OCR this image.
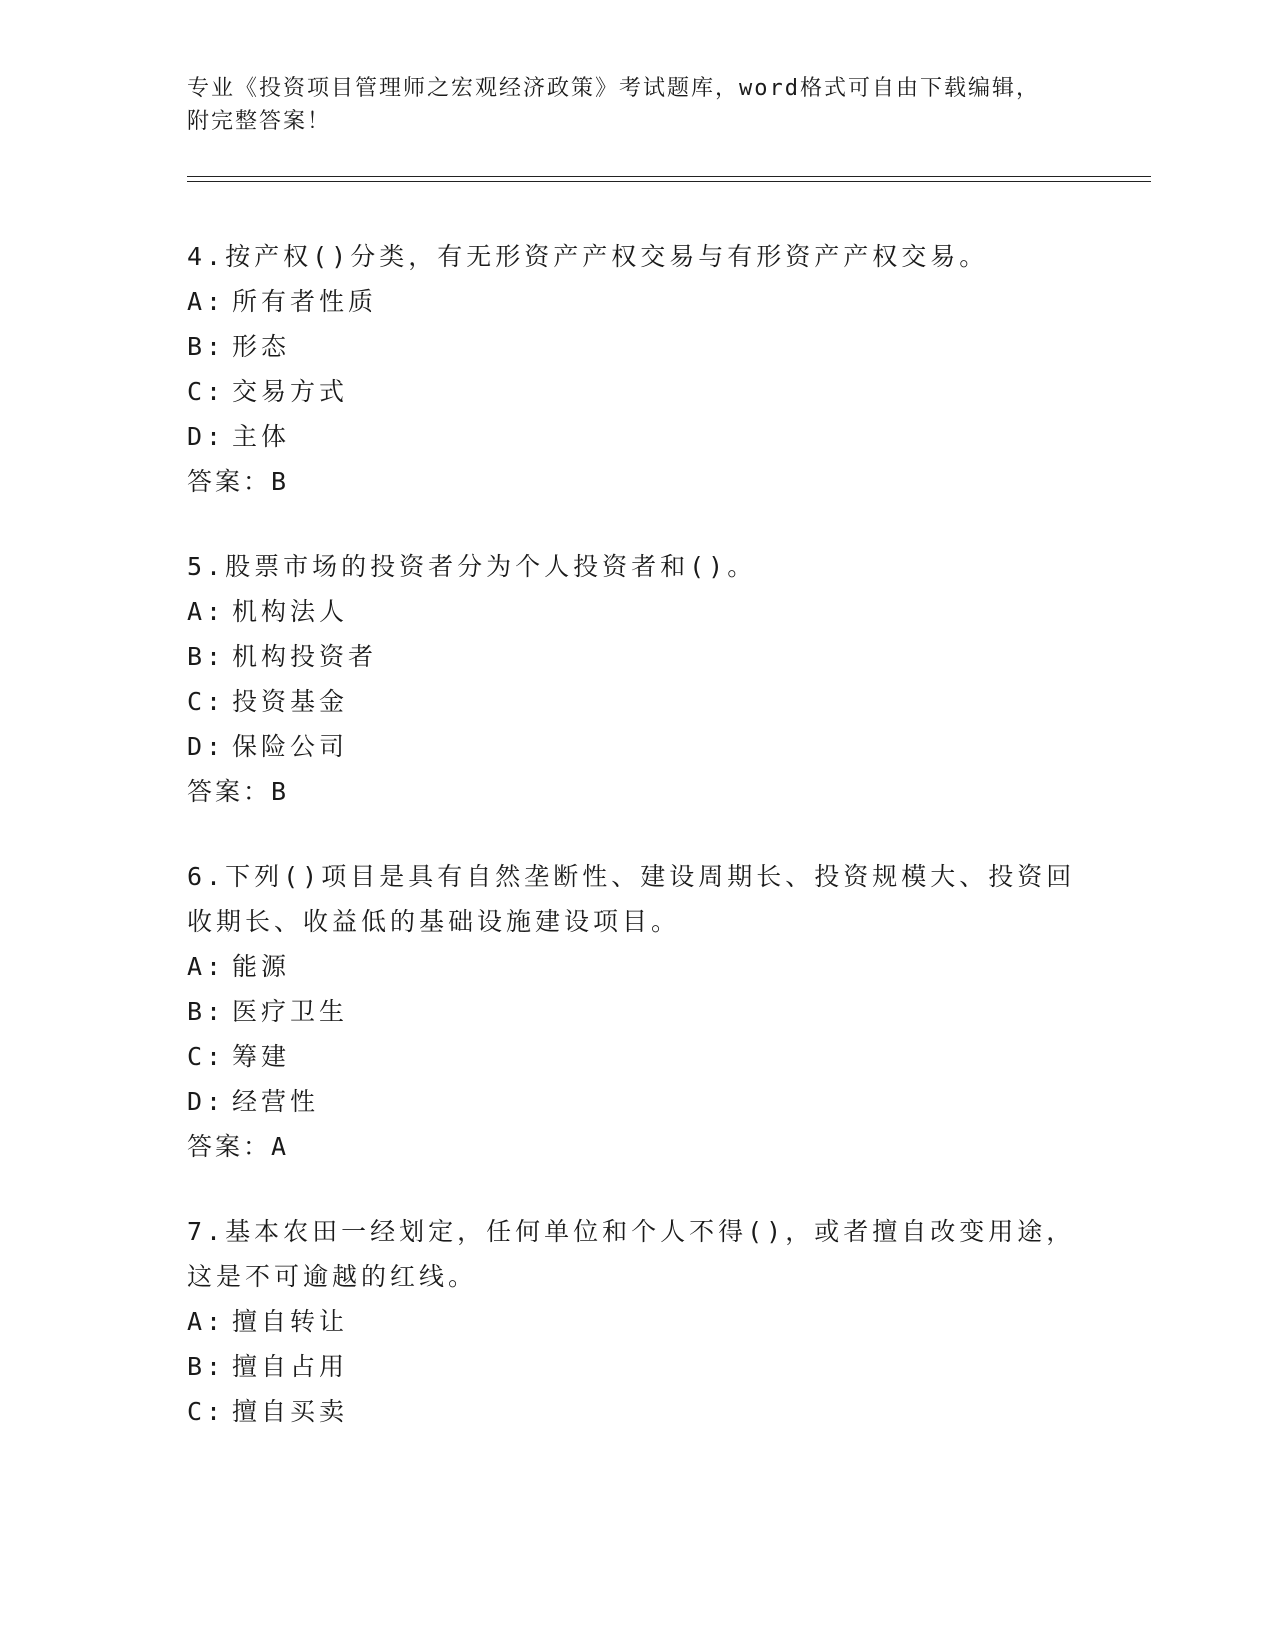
专业《投资项目管理师之宏观经济政策》考试题库，word格式可自由下载编辑，
附完整答案！

4.按产权()分类，有无形资产产权交易与有形资产产权交易。

A: 所有者性质
B: 形态
C: 交易方式
D: 主体

答案：B

5.股票市场的投资者分为个人投资者和()。

A: 机构法人
B: 机构投资者
C: 投资基金
D: 保险公司

答案：B

6.下列()项目是具有自然垄断性、建设周期长、投资规模大、投资回收期长、收益低的基础设施建设项目。

A: 能源
B: 医疗卫生
C: 筹建
D: 经营性

答案：A

7.基本农田一经划定，任何单位和个人不得()，或者擅自改变用途，这是不可逾越的红线。

A: 擅自转让
B: 擅自占用
C: 擅自买卖
